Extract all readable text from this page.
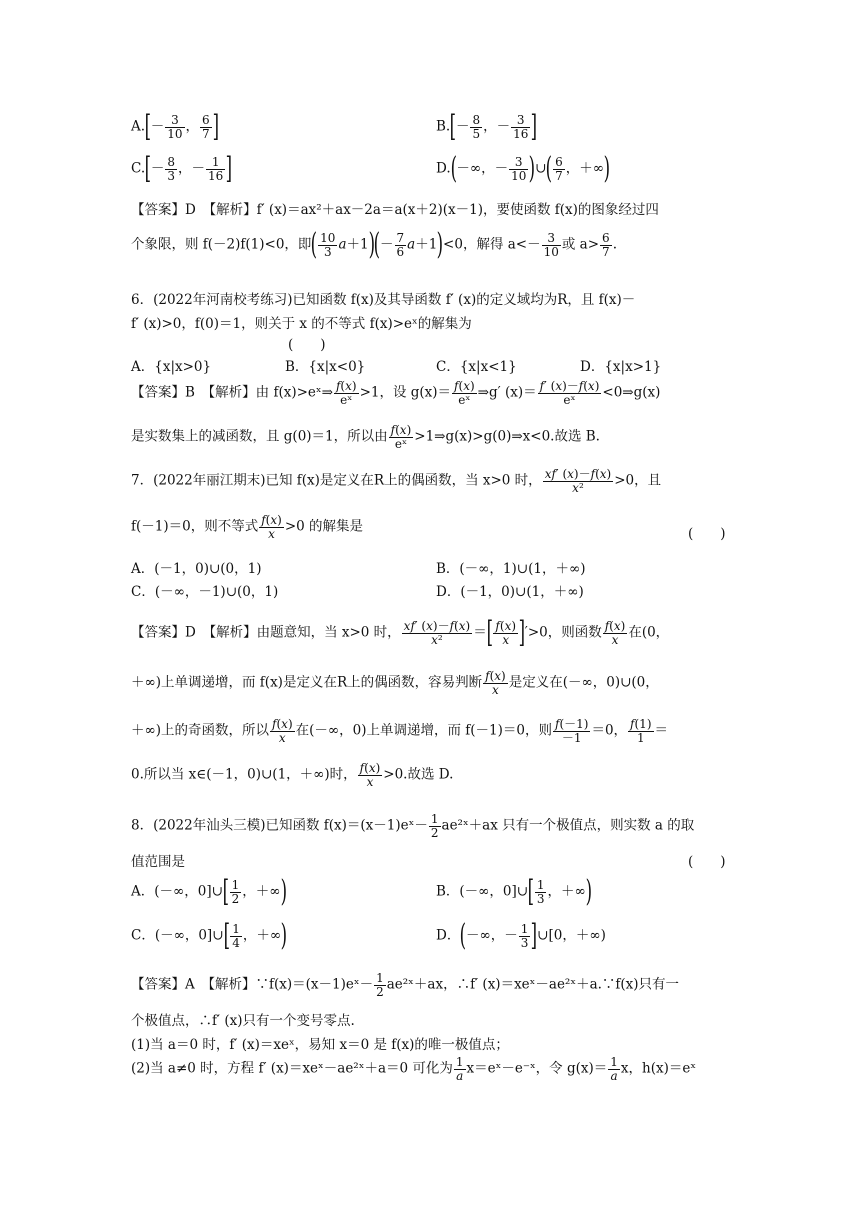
$A.[- \frac{3}{10}$ ， $\frac{6}{7}$ ]	$B.[- \frac{8}{5}$ ，－ $\frac{3}{16}$ ]
$C.[- \frac{8}{3}$ ，－ $\frac{1}{16}$ ]	D.(－∞，－ $\frac{3}{10}$ )∪( $\frac{6}{7}$ ，＋∞)
【答案】D　【解析】f′ (x)＝ax²＋ax－2a＝a(x＋2)(x－1)，要使函数 f(x)的图象经过四
个象限，则 f(－2)f(1)<0，即( $\frac{10}{3} a+1)(- \frac{7}{6} a+1)<0$，解得 $a<- \frac{3}{10}$ 或 $a> \frac{6}{7}$ .
6．(2022年河南校考练习)已知函数 f(x)及其导函数 f′ (x)的定义域均为R，且 f(x)－
f′ (x)>0，f(0)＝1，则关于 x 的不等式 f(x)>eˣ的解集为
(　　)
A．{x|x>0}	B．{x|x<0}	C．{x|x<1}	D．{x|x>1}
【答案】B　【解析】由 f(x)>eˣ⇒ $\frac{f(x)}{\text{eˣ}} >1$，设 $g(x)= \frac{f(x)}{\text{eˣ}}$ ⇒g′ $(x)= \frac{f' (x)-f(x)}{\text{eˣ}}$ <0⇒g(x)
是实数集上的减函数，且 g(0)＝1，所以由 $\frac{f(x)}{\text{eˣ}}$ >1⇒g(x)>g(0)⇒x<0.故选 B.
7．(2022年丽江期末)已知 f(x)是定义在R上的偶函数，当 x>0 时， $\frac{xf' (x)-f(x)}{\text{x²}} >0$，且
f(－1)＝0，则不等式 $\frac{f(x)}{x} >0$ 的解集是	(　　)
A．(－1，0)∪(0，1)	B．(－∞，1)∪(1，＋∞)
C．(－∞，－1)∪(0，1)	D．(－1，0)∪(1，＋∞)
【答案】D　【解析】由题意知，当 x>0 时， $\frac{xf' (x)-f(x)}{\text{x²}}$ ＝[ $\frac{f(x)}{x} ]'>0$，则函数 $\frac{f(x)}{x}$ 在(0，
＋∞)上单调递增，而 f(x)是定义在R上的偶函数，容易判断 $\frac{f(x)}{x}$ 是定义在(－∞，0)∪(0，
＋∞)上的奇函数，所以 $\frac{f(x)}{x}$ 在(－∞，0)上单调递增，而 f(－1)＝0，则 $\frac{f(-1)}{-1} =0$， $\frac{f(1)}{1}$ ＝
0.所以当 x∈(－1，0)∪(1，＋∞)时， $\frac{f(x)}{x} >0$.故选 D.
8．(2022年汕头三模)已知函数 f(x)＝(x－1)eˣ－ $\frac{1}{2}$ ae²ˣ＋ax 只有一个极值点，则实数 a 的取
值范围是	(　　)
A．(－∞，0]∪[ $\frac{1}{2}$ ，＋∞)	B．(－∞，0]∪[ $\frac{1}{3}$ ，＋∞)
C．(－∞，0]∪[ $\frac{1}{4}$ ，＋∞)	D．(－∞，－ $\frac{1}{3}$ ]∪[0，＋∞)
【答案】A　【解析】∵f(x)＝(x－1)eˣ－ $\frac{1}{2}$ ae²ˣ＋ax，∴f′ (x)＝xeˣ－ae²ˣ＋a.∵f(x)只有一
个极值点，∴f′ (x)只有一个变号零点.
(1)当 a＝0 时，f′ (x)＝xeˣ，易知 x＝0 是 f(x)的唯一极值点；
(2)当 a≠0 时，方程 f′ (x)＝xeˣ－ae²ˣ＋a＝0 可化为 $\frac{1}{a}$ x＝eˣ－e⁻ˣ，令 $g(x)= \frac{1}{a}$ x，h(x)＝eˣ
